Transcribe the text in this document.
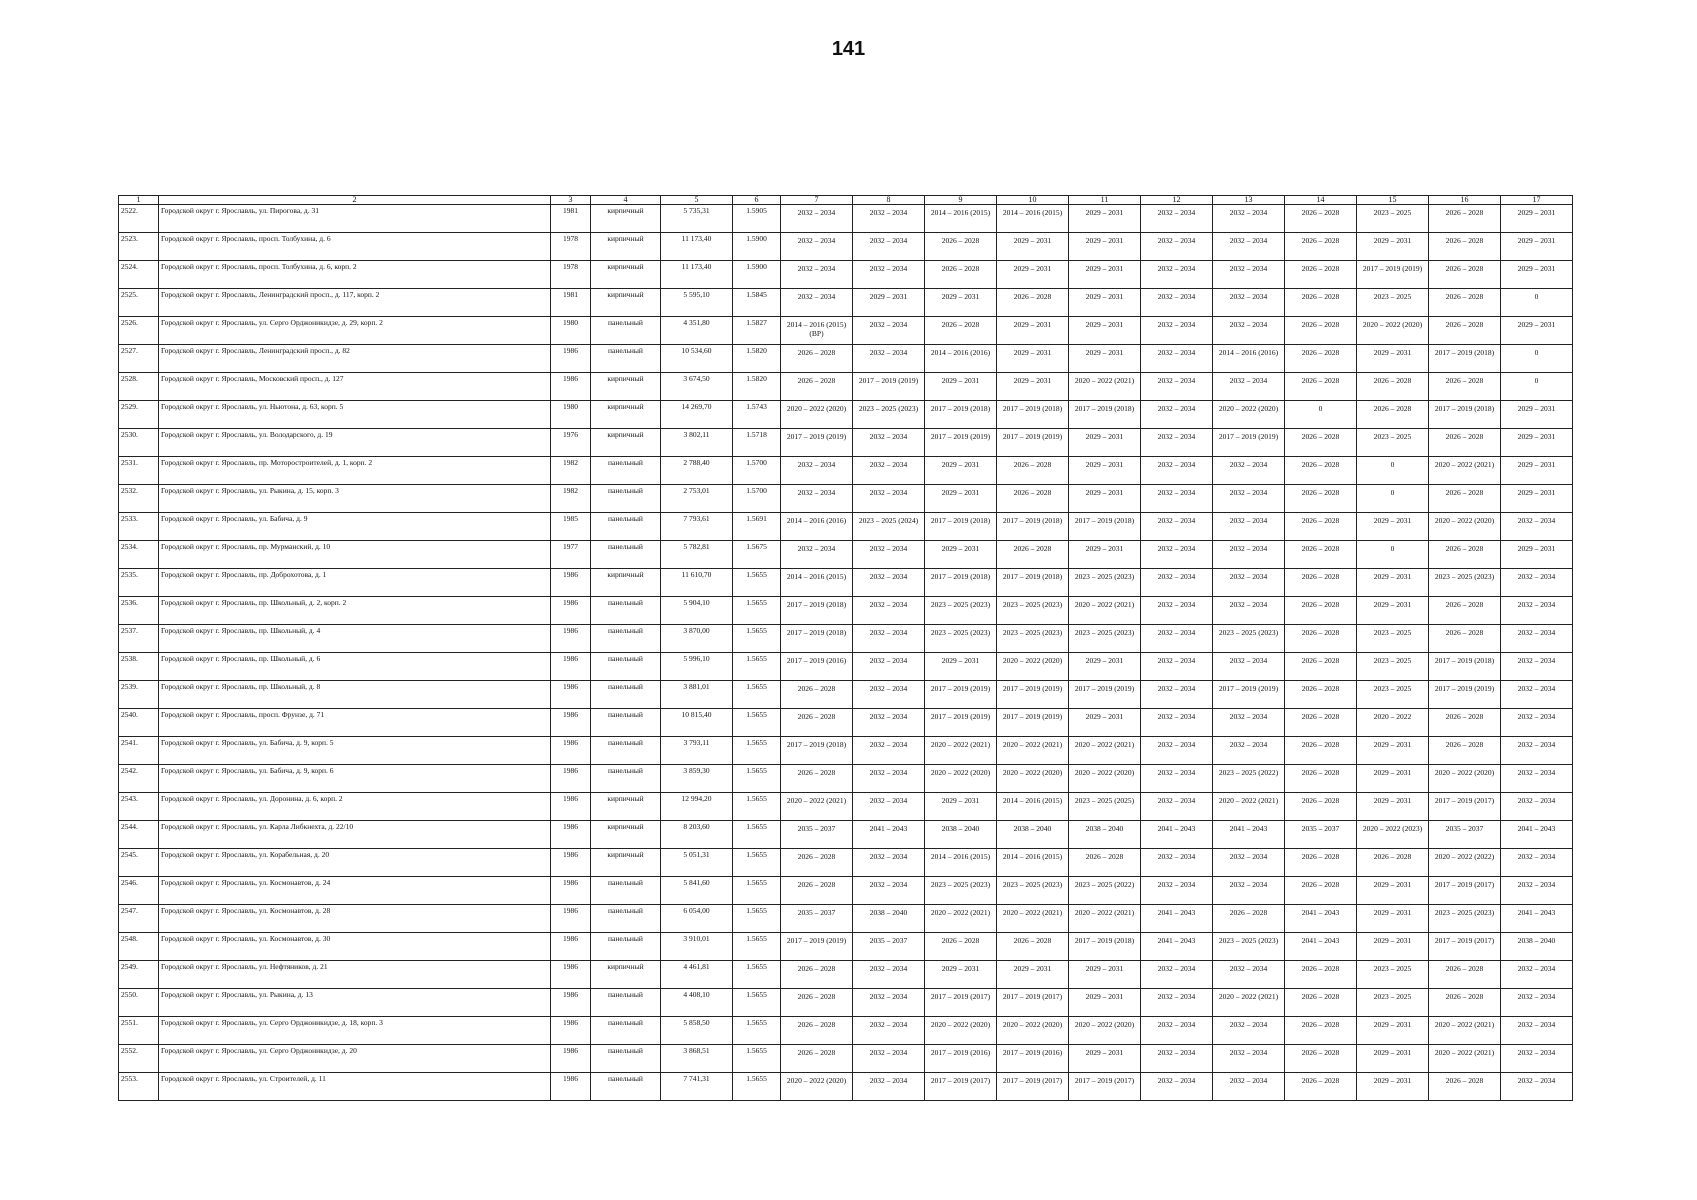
141
1	2	3	4	5	6	7	8	9	10	11	12	13	14	15	16	17
2522.	Городской округ г. Ярославль, ул. Пирогова, д. 31	1981	кирпичный	5 735,31	1.5905	2032 – 2034	2032 – 2034	2014 – 2016 (2015)	2014 – 2016 (2015)	2029 – 2031	2032 – 2034	2032 – 2034	2026 – 2028	2023 – 2025	2026 – 2028	2029 – 2031
2523.	Городской округ г. Ярославль, просп. Толбухина, д. 6	1978	кирпичный	11 173,40	1.5900	2032 – 2034	2032 – 2034	2026 – 2028	2029 – 2031	2029 – 2031	2032 – 2034	2032 – 2034	2026 – 2028	2029 – 2031	2026 – 2028	2029 – 2031
2524.	Городской округ г. Ярославль, просп. Толбухина, д. 6, корп. 2	1978	кирпичный	11 173,40	1.5900	2032 – 2034	2032 – 2034	2026 – 2028	2029 – 2031	2029 – 2031	2032 – 2034	2032 – 2034	2026 – 2028	2017 – 2019 (2019)	2026 – 2028	2029 – 2031
2525.	Городской округ г. Ярославль, Ленинградский просп., д. 117, корп. 2	1981	кирпичный	5 595,10	1.5845	2032 – 2034	2029 – 2031	2029 – 2031	2026 – 2028	2029 – 2031	2032 – 2034	2032 – 2034	2026 – 2028	2023 – 2025	2026 – 2028	0
2526.	Городской округ г. Ярославль, ул. Серго Орджоникидзе, д. 29, корп. 2	1980	панельный	4 351,80	1.5827	2014 – 2016 (2015) (ВР)	2032 – 2034	2026 – 2028	2029 – 2031	2029 – 2031	2032 – 2034	2032 – 2034	2026 – 2028	2020 – 2022 (2020)	2026 – 2028	2029 – 2031
2527.	Городской округ г. Ярославль, Ленинградский просп., д. 82	1986	панельный	10 534,60	1.5820	2026 – 2028	2032 – 2034	2014 – 2016 (2016)	2029 – 2031	2029 – 2031	2032 – 2034	2014 – 2016 (2016)	2026 – 2028	2029 – 2031	2017 – 2019 (2018)	0
2528.	Городской округ г. Ярославль, Московский просп., д. 127	1986	кирпичный	3 674,50	1.5820	2026 – 2028	2017 – 2019 (2019)	2029 – 2031	2029 – 2031	2020 – 2022 (2021)	2032 – 2034	2032 – 2034	2026 – 2028	2026 – 2028	2026 – 2028	0
2529.	Городской округ г. Ярославль, ул. Ньютона, д. 63, корп. 5	1980	кирпичный	14 269,70	1.5743	2020 – 2022 (2020)	2023 – 2025 (2023)	2017 – 2019 (2018)	2017 – 2019 (2018)	2017 – 2019 (2018)	2032 – 2034	2020 – 2022 (2020)	0	2026 – 2028	2017 – 2019 (2018)	2029 – 2031
2530.	Городской округ г. Ярославль, ул. Володарского, д. 19	1976	кирпичный	3 802,11	1.5718	2017 – 2019 (2019)	2032 – 2034	2017 – 2019 (2019)	2017 – 2019 (2019)	2029 – 2031	2032 – 2034	2017 – 2019 (2019)	2026 – 2028	2023 – 2025	2026 – 2028	2029 – 2031
2531.	Городской округ г. Ярославль, пр. Моторостроителей, д. 1, корп. 2	1982	панельный	2 788,40	1.5700	2032 – 2034	2032 – 2034	2029 – 2031	2026 – 2028	2029 – 2031	2032 – 2034	2032 – 2034	2026 – 2028	0	2020 – 2022 (2021)	2029 – 2031
2532.	Городской округ г. Ярославль, ул. Рыкина, д. 15, корп. 3	1982	панельный	2 753,01	1.5700	2032 – 2034	2032 – 2034	2029 – 2031	2026 – 2028	2029 – 2031	2032 – 2034	2032 – 2034	2026 – 2028	0	2026 – 2028	2029 – 2031
2533.	Городской округ г. Ярославль, ул. Бабича, д. 9	1985	панельный	7 793,61	1.5691	2014 – 2016 (2016)	2023 – 2025 (2024)	2017 – 2019 (2018)	2017 – 2019 (2018)	2017 – 2019 (2018)	2032 – 2034	2032 – 2034	2026 – 2028	2029 – 2031	2020 – 2022 (2020)	2032 – 2034
2534.	Городской округ г. Ярославль, пр. Мурманский, д. 10	1977	панельный	5 782,81	1.5675	2032 – 2034	2032 – 2034	2029 – 2031	2026 – 2028	2029 – 2031	2032 – 2034	2032 – 2034	2026 – 2028	0	2026 – 2028	2029 – 2031
2535.	Городской округ г. Ярославль, пр. Доброхотова, д. 1	1986	кирпичный	11 610,70	1.5655	2014 – 2016 (2015)	2032 – 2034	2017 – 2019 (2018)	2017 – 2019 (2018)	2023 – 2025 (2023)	2032 – 2034	2032 – 2034	2026 – 2028	2029 – 2031	2023 – 2025 (2023)	2032 – 2034
2536.	Городской округ г. Ярославль, пр. Школьный, д. 2, корп. 2	1986	панельный	5 904,10	1.5655	2017 – 2019 (2018)	2032 – 2034	2023 – 2025 (2023)	2023 – 2025 (2023)	2020 – 2022 (2021)	2032 – 2034	2032 – 2034	2026 – 2028	2029 – 2031	2026 – 2028	2032 – 2034
2537.	Городской округ г. Ярославль, пр. Школьный, д. 4	1986	панельный	3 870,00	1.5655	2017 – 2019 (2018)	2032 – 2034	2023 – 2025 (2023)	2023 – 2025 (2023)	2023 – 2025 (2023)	2032 – 2034	2023 – 2025 (2023)	2026 – 2028	2023 – 2025	2026 – 2028	2032 – 2034
2538.	Городской округ г. Ярославль, пр. Школьный, д. 6	1986	панельный	5 996,10	1.5655	2017 – 2019 (2016)	2032 – 2034	2029 – 2031	2020 – 2022 (2020)	2029 – 2031	2032 – 2034	2032 – 2034	2026 – 2028	2023 – 2025	2017 – 2019 (2018)	2032 – 2034
2539.	Городской округ г. Ярославль, пр. Школьный, д. 8	1986	панельный	3 881,01	1.5655	2026 – 2028	2032 – 2034	2017 – 2019 (2019)	2017 – 2019 (2019)	2017 – 2019 (2019)	2032 – 2034	2017 – 2019 (2019)	2026 – 2028	2023 – 2025	2017 – 2019 (2019)	2032 – 2034
2540.	Городской округ г. Ярославль, просп. Фрунзе, д. 71	1986	панельный	10 815,40	1.5655	2026 – 2028	2032 – 2034	2017 – 2019 (2019)	2017 – 2019 (2019)	2029 – 2031	2032 – 2034	2032 – 2034	2026 – 2028	2020 – 2022	2026 – 2028	2032 – 2034
2541.	Городской округ г. Ярославль, ул. Бабича, д. 9, корп. 5	1986	панельный	3 793,11	1.5655	2017 – 2019 (2018)	2032 – 2034	2020 – 2022 (2021)	2020 – 2022 (2021)	2020 – 2022 (2021)	2032 – 2034	2032 – 2034	2026 – 2028	2029 – 2031	2026 – 2028	2032 – 2034
2542.	Городской округ г. Ярославль, ул. Бабича, д. 9, корп. 6	1986	панельный	3 859,30	1.5655	2026 – 2028	2032 – 2034	2020 – 2022 (2020)	2020 – 2022 (2020)	2020 – 2022 (2020)	2032 – 2034	2023 – 2025 (2022)	2026 – 2028	2029 – 2031	2020 – 2022 (2020)	2032 – 2034
2543.	Городской округ г. Ярославль, ул. Доронина, д. 6, корп. 2	1986	кирпичный	12 994,20	1.5655	2020 – 2022 (2021)	2032 – 2034	2029 – 2031	2014 – 2016 (2015)	2023 – 2025 (2025)	2032 – 2034	2020 – 2022 (2021)	2026 – 2028	2029 – 2031	2017 – 2019 (2017)	2032 – 2034
2544.	Городской округ г. Ярославль, ул. Карла Либкнехта, д. 22/10	1986	кирпичный	8 203,60	1.5655	2035 – 2037	2041 – 2043	2038 – 2040	2038 – 2040	2038 – 2040	2041 – 2043	2041 – 2043	2035 – 2037	2020 – 2022 (2023)	2035 – 2037	2041 – 2043
2545.	Городской округ г. Ярославль, ул. Корабельная, д. 20	1986	кирпичный	5 051,31	1.5655	2026 – 2028	2032 – 2034	2014 – 2016 (2015)	2014 – 2016 (2015)	2026 – 2028	2032 – 2034	2032 – 2034	2026 – 2028	2026 – 2028	2020 – 2022 (2022)	2032 – 2034
2546.	Городской округ г. Ярославль, ул. Космонавтов, д. 24	1986	панельный	5 841,60	1.5655	2026 – 2028	2032 – 2034	2023 – 2025 (2023)	2023 – 2025 (2023)	2023 – 2025 (2022)	2032 – 2034	2032 – 2034	2026 – 2028	2029 – 2031	2017 – 2019 (2017)	2032 – 2034
2547.	Городской округ г. Ярославль, ул. Космонавтов, д. 28	1986	панельный	6 054,00	1.5655	2035 – 2037	2038 – 2040	2020 – 2022 (2021)	2020 – 2022 (2021)	2020 – 2022 (2021)	2041 – 2043	2026 – 2028	2041 – 2043	2029 – 2031	2023 – 2025 (2023)	2041 – 2043
2548.	Городской округ г. Ярославль, ул. Космонавтов, д. 30	1986	панельный	3 910,01	1.5655	2017 – 2019 (2019)	2035 – 2037	2026 – 2028	2026 – 2028	2017 – 2019 (2018)	2041 – 2043	2023 – 2025 (2023)	2041 – 2043	2029 – 2031	2017 – 2019 (2017)	2038 – 2040
2549.	Городской округ г. Ярославль, ул. Нефтяников, д. 21	1986	кирпичный	4 461,81	1.5655	2026 – 2028	2032 – 2034	2029 – 2031	2029 – 2031	2029 – 2031	2032 – 2034	2032 – 2034	2026 – 2028	2023 – 2025	2026 – 2028	2032 – 2034
2550.	Городской округ г. Ярославль, ул. Рыкина, д. 13	1986	панельный	4 408,10	1.5655	2026 – 2028	2032 – 2034	2017 – 2019 (2017)	2017 – 2019 (2017)	2029 – 2031	2032 – 2034	2020 – 2022 (2021)	2026 – 2028	2023 – 2025	2026 – 2028	2032 – 2034
2551.	Городской округ г. Ярославль, ул. Серго Орджоникидзе, д. 18, корп. 3	1986	панельный	5 858,50	1.5655	2026 – 2028	2032 – 2034	2020 – 2022 (2020)	2020 – 2022 (2020)	2020 – 2022 (2020)	2032 – 2034	2032 – 2034	2026 – 2028	2029 – 2031	2020 – 2022 (2021)	2032 – 2034
2552.	Городской округ г. Ярославль, ул. Серго Орджоникидзе, д. 20	1986	панельный	3 868,51	1.5655	2026 – 2028	2032 – 2034	2017 – 2019 (2016)	2017 – 2019 (2016)	2029 – 2031	2032 – 2034	2032 – 2034	2026 – 2028	2029 – 2031	2020 – 2022 (2021)	2032 – 2034
2553.	Городской округ г. Ярославль, ул. Строителей, д. 11	1986	панельный	7 741,31	1.5655	2020 – 2022 (2020)	2032 – 2034	2017 – 2019 (2017)	2017 – 2019 (2017)	2017 – 2019 (2017)	2032 – 2034	2032 – 2034	2026 – 2028	2029 – 2031	2026 – 2028	2032 – 2034
